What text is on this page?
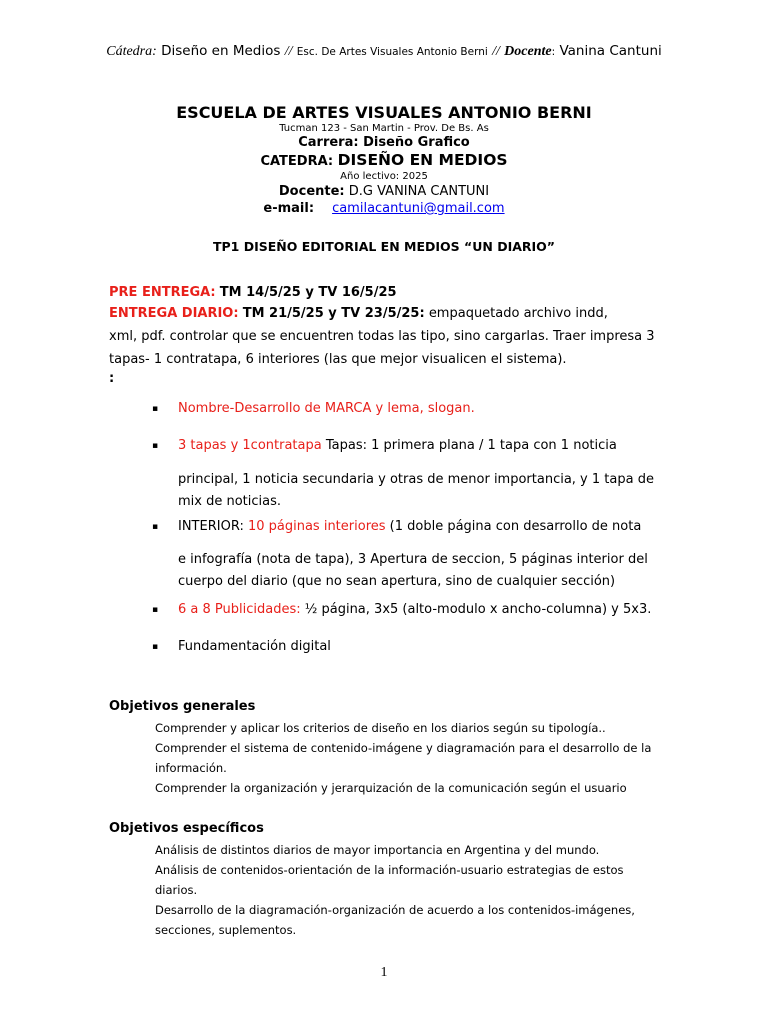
Cátedra: Diseño en Medios // Esc. De Artes Visuales Antonio Berni // Docente: Vanina Cantuni
ESCUELA DE ARTES VISUALES ANTONIO BERNI
Tucman 123 - San Martin - Prov. De Bs. As
Carrera: Diseño Grafico
CATEDRA: DISEÑO EN MEDIOS
Año lectivo: 2025
Docente: D.G VANINA CANTUNI
e-mail: camilacantuni@gmail.com
TP1 DISEÑO EDITORIAL EN MEDIOS “UN DIARIO”
PRE ENTREGA: TM 14/5/25 y TV 16/5/25
ENTREGA DIARIO: TM 21/5/25 y TV 23/5/25: empaquetado archivo indd,
xml, pdf. controlar que se encuentren todas las tipo, sino cargarlas. Traer impresa 3
tapas- 1 contratapa, 6 interiores (las que mejor visualicen el sistema).
:
▪	Nombre-Desarrollo de MARCA y lema, slogan.
▪	3 tapas y 1contratapa Tapas: 1 primera plana / 1 tapa con 1 noticia
principal, 1 noticia secundaria y otras de menor importancia, y 1 tapa de
mix de noticias.
▪	INTERIOR: 10 páginas interiores (1 doble página con desarrollo de nota
e infografía (nota de tapa), 3 Apertura de seccion, 5 páginas interior del
cuerpo del diario (que no sean apertura, sino de cualquier sección)
▪	6 a 8 Publicidades: ½ página, 3x5 (alto-modulo x ancho-columna) y 5x3.
▪	Fundamentación digital
Objetivos generales
Comprender y aplicar los criterios de diseño en los diarios según su tipología..
Comprender el sistema de contenido-imágene y diagramación para el desarrollo de la
información.
Comprender la organización y jerarquización de la comunicación según el usuario
Objetivos específicos
Análisis de distintos diarios de mayor importancia en Argentina y del mundo.
Análisis de contenidos-orientación de la información-usuario estrategias de estos
diarios.
Desarrollo de la diagramación-organización de acuerdo a los contenidos-imágenes,
secciones, suplementos.
1
